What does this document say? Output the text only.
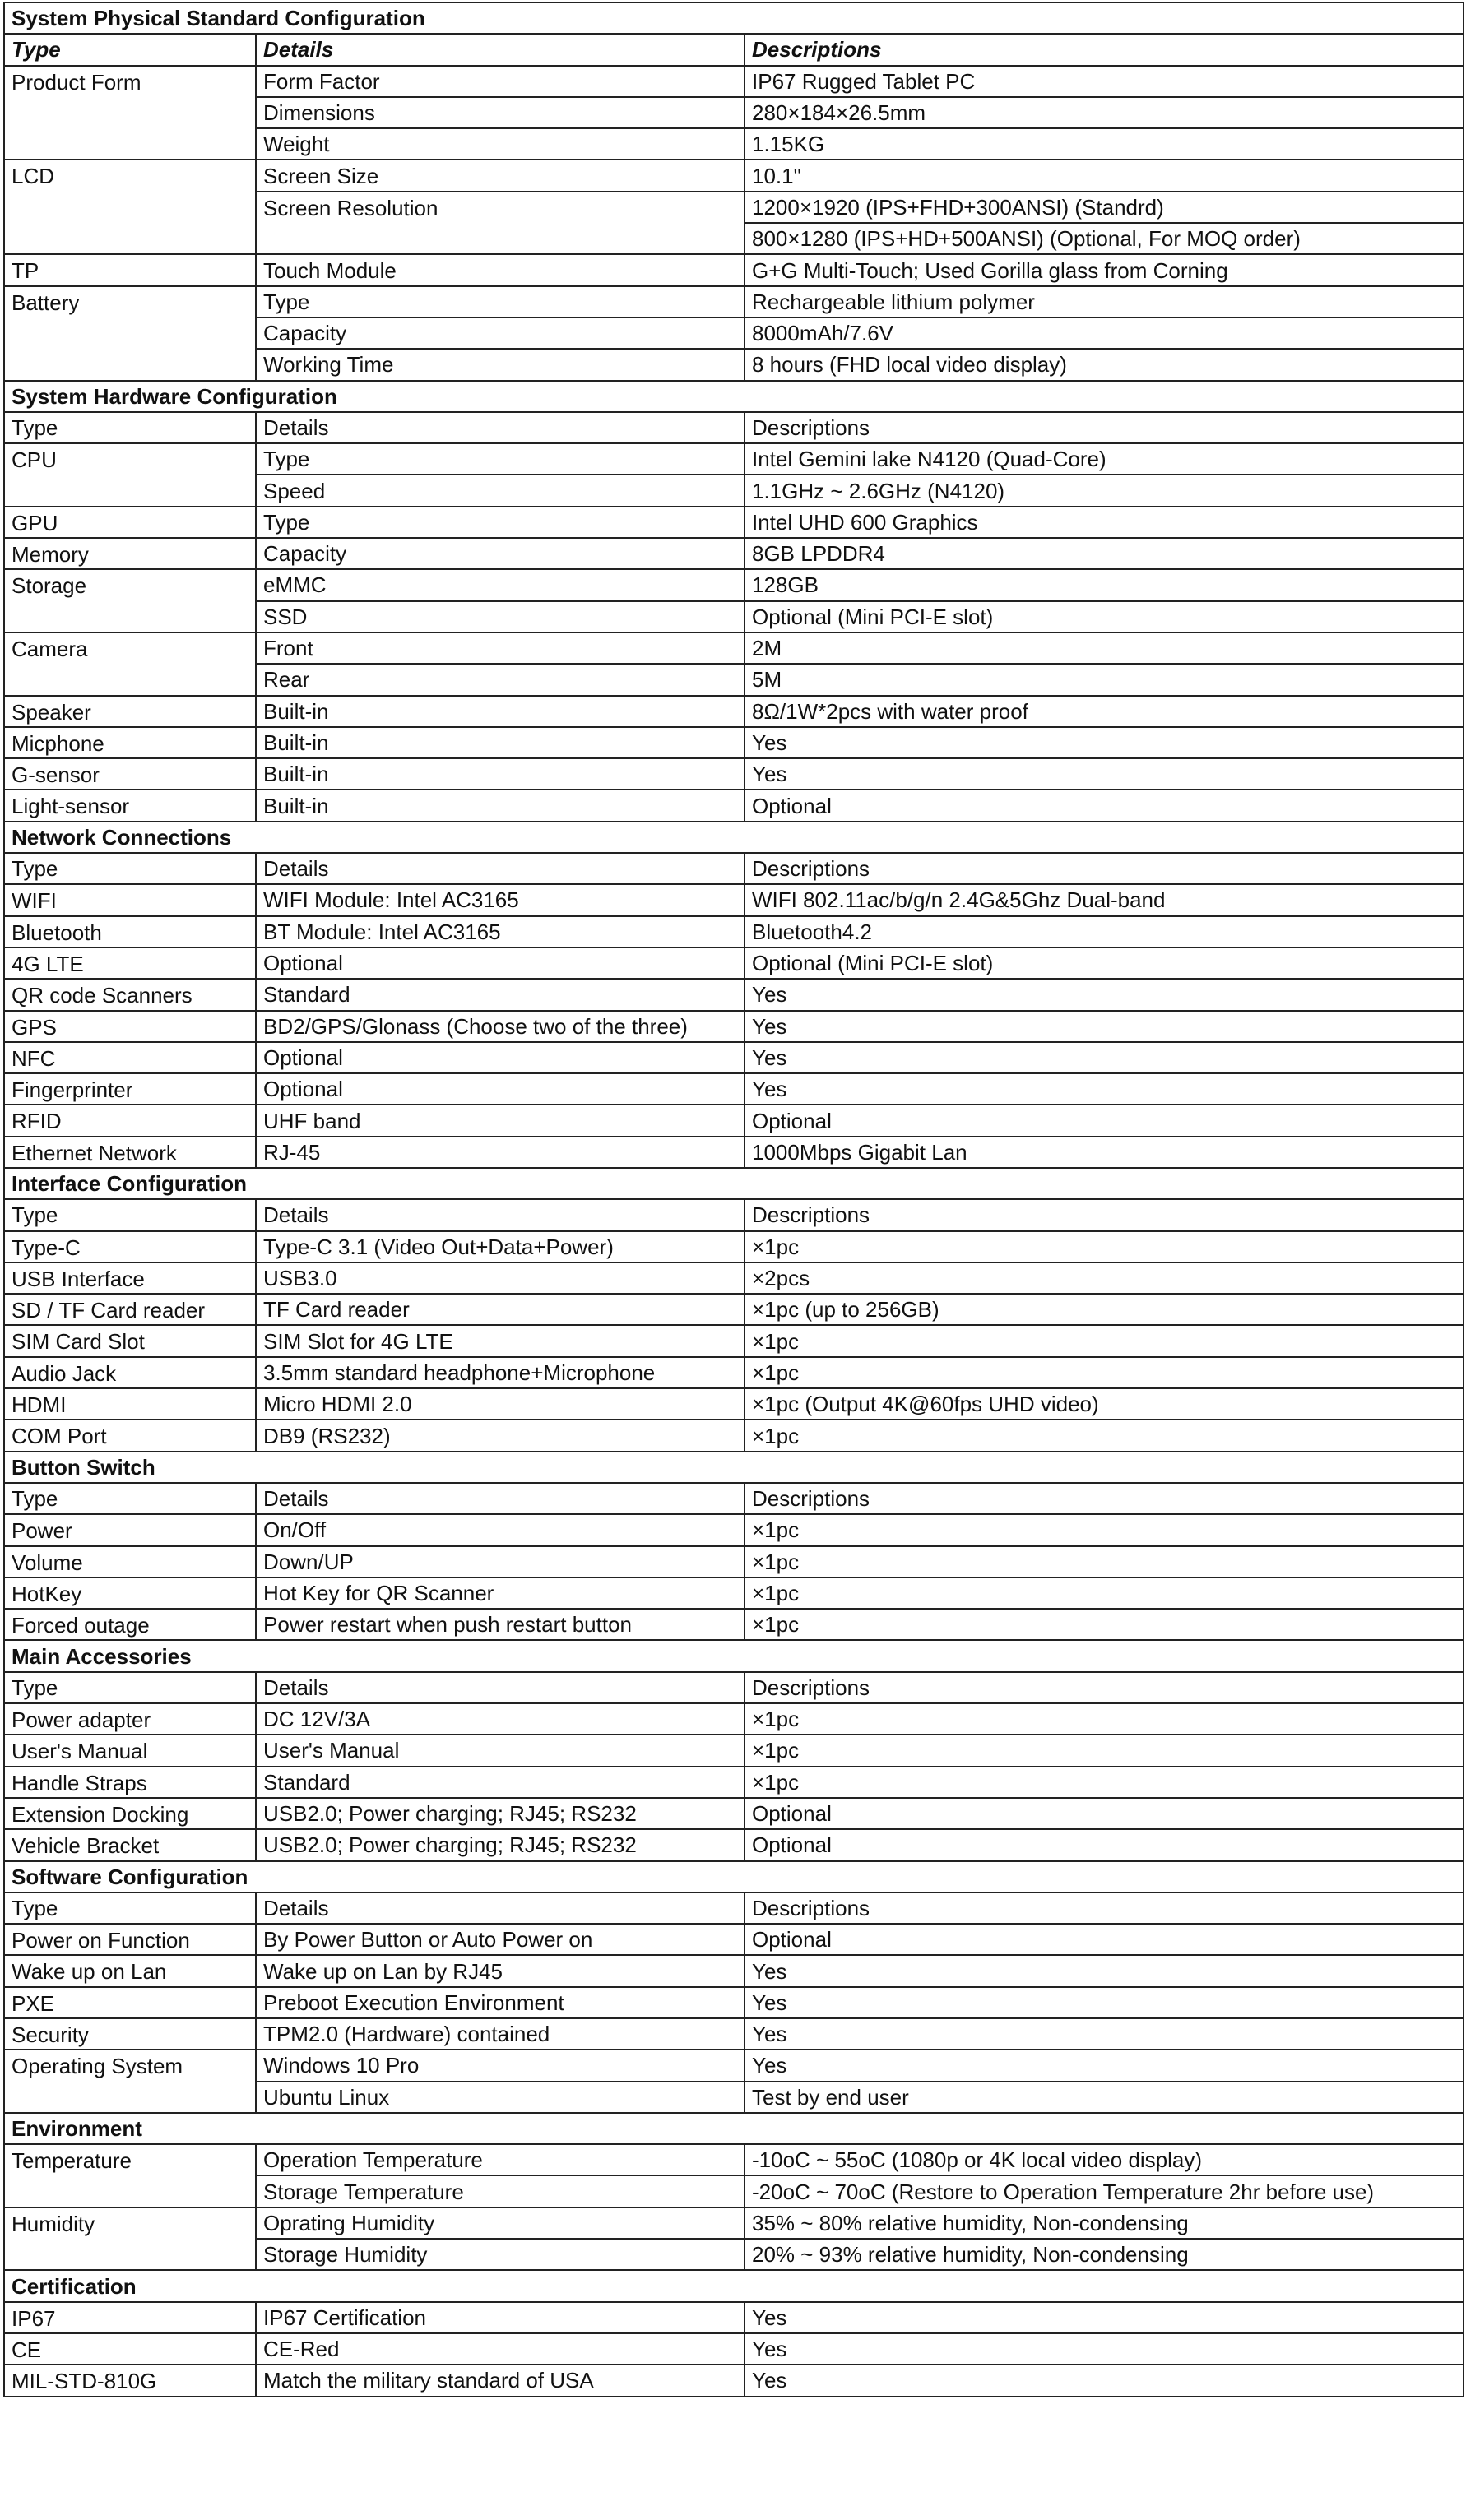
System Physical Standard Configuration		
Type	Details	Descriptions
Product Form	Form Factor	IP67 Rugged Tablet PC
	Dimensions	280×184×26.5mm
	Weight	1.15KG
LCD	Screen Size	10.1"
	Screen Resolution	1200×1920 (IPS+FHD+300ANSI) (Standrd)
		800×1280 (IPS+HD+500ANSI) (Optional, For MOQ order)
TP	Touch Module	G+G Multi-Touch; Used Gorilla glass from Corning
Battery	Type	Rechargeable lithium polymer
	Capacity	8000mAh/7.6V
	Working Time	8 hours (FHD local video display)
System Hardware Configuration		
Type	Details	Descriptions
CPU	Type	Intel Gemini lake N4120 (Quad-Core)
	Speed	1.1GHz ~ 2.6GHz (N4120)
GPU	Type	Intel UHD 600 Graphics
Memory	Capacity	8GB LPDDR4
Storage	eMMC	128GB
	SSD	Optional (Mini PCI-E slot)
Camera	Front	2M
	Rear	5M
Speaker	Built-in	8Ω/1W*2pcs with water proof
Micphone	Built-in	Yes
G-sensor	Built-in	Yes
Light-sensor	Built-in	Optional
Network Connections		
Type	Details	Descriptions
WIFI	WIFI Module: Intel AC3165	WIFI 802.11ac/b/g/n 2.4G&5Ghz Dual-band
Bluetooth	BT Module: Intel AC3165	Bluetooth4.2
4G LTE	Optional	Optional (Mini PCI-E slot)
QR code Scanners	Standard	Yes
GPS	BD2/GPS/Glonass (Choose two of the three)	Yes
NFC	Optional	Yes
Fingerprinter	Optional	Yes
RFID	UHF band	Optional
Ethernet Network	RJ-45	1000Mbps Gigabit Lan
Interface Configuration		
Type	Details	Descriptions
Type-C	Type-C 3.1 (Video Out+Data+Power)	×1pc
USB Interface	USB3.0	×2pcs
SD / TF Card reader	TF Card reader	×1pc (up to 256GB)
SIM Card Slot	SIM Slot for 4G LTE	×1pc
Audio Jack	3.5mm standard headphone+Microphone	×1pc
HDMI	Micro HDMI 2.0	×1pc (Output 4K@60fps UHD video)
COM Port	DB9 (RS232)	×1pc
Button Switch		
Type	Details	Descriptions
Power	On/Off	×1pc
Volume	Down/UP	×1pc
HotKey	Hot Key for QR Scanner	×1pc
Forced outage	Power restart when push restart button	×1pc
Main Accessories		
Type	Details	Descriptions
Power adapter	DC 12V/3A	×1pc
User's Manual	User's Manual	×1pc
Handle Straps	Standard	×1pc
Extension Docking	USB2.0; Power charging; RJ45; RS232	Optional
Vehicle Bracket	USB2.0; Power charging; RJ45; RS232	Optional
Software Configuration		
Type	Details	Descriptions
Power on Function	By Power Button or Auto Power on	Optional
Wake up on Lan	Wake up on Lan by RJ45	Yes
PXE	Preboot Execution Environment	Yes
Security	TPM2.0 (Hardware) contained	Yes
Operating System	Windows 10 Pro	Yes
	Ubuntu Linux	Test by end user
Environment		
Temperature	Operation Temperature	-10oC ~ 55oC (1080p or 4K local video display)
	Storage Temperature	-20oC ~ 70oC (Restore to Operation Temperature 2hr before use)
Humidity	Oprating Humidity	35% ~ 80% relative humidity, Non-condensing
	Storage Humidity	20% ~ 93% relative humidity, Non-condensing
Certification		
IP67	IP67 Certification	Yes
CE	CE-Red	Yes
MIL-STD-810G	Match the military standard of USA	Yes
